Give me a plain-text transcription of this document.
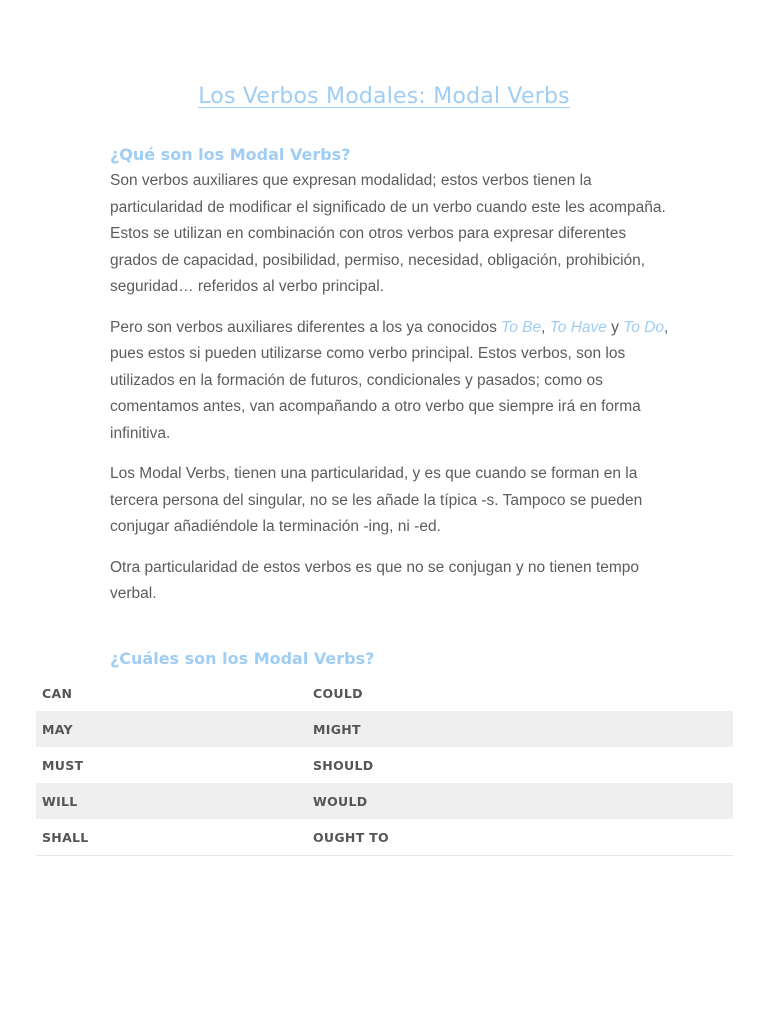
Los Verbos Modales: Modal Verbs
¿Qué son los Modal Verbs?

Son verbos auxiliares que expresan modalidad; estos verbos tienen la particularidad de modificar el significado de un verbo cuando este les acompaña. Estos se utilizan en combinación con otros verbos para expresar diferentes grados de capacidad, posibilidad, permiso, necesidad, obligación, prohibición, seguridad… referidos al verbo principal.

Pero son verbos auxiliares diferentes a los ya conocidos To Be, To Have y To Do, pues estos si pueden utilizarse como verbo principal. Estos verbos, son los utilizados en la formación de futuros, condicionales y pasados; como os comentamos antes, van acompañando a otro verbo que siempre irá en forma infinitiva.

Los Modal Verbs, tienen una particularidad, y es que cuando se forman en la tercera persona del singular, no se les añade la típica -s. Tampoco se pueden conjugar añadiéndole la terminación -ing, ni -ed.

Otra particularidad de estos verbos es que no se conjugan y no tienen tempo verbal.

¿Cuáles son los Modal Verbs?
CAN	COULD
MAY	MIGHT
MUST	SHOULD
WILL	WOULD
SHALL	OUGHT TO
